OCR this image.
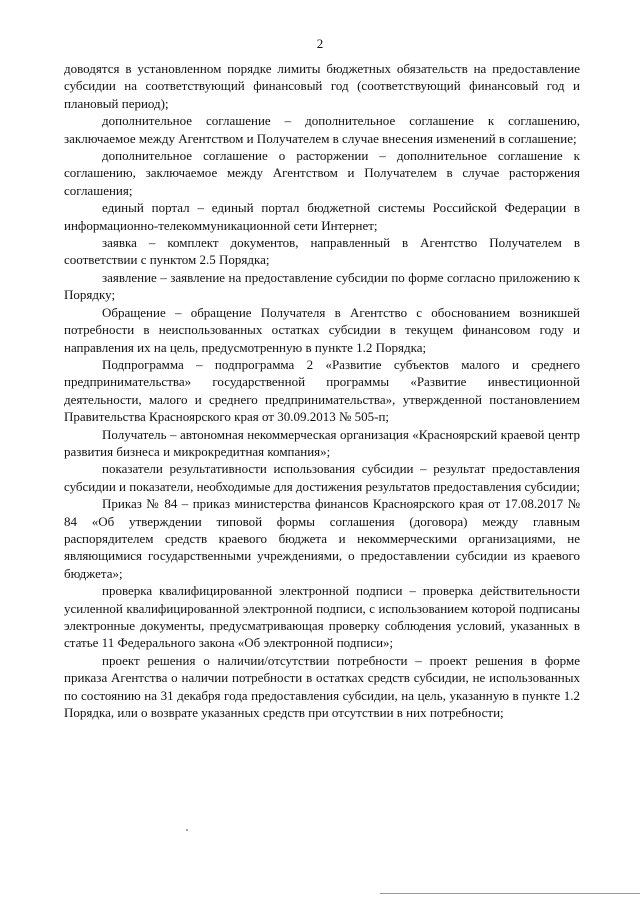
2

доводятся в установленном порядке лимиты бюджетных обязательств на предоставление субсидии на соответствующий финансовый год (соответствующий финансовый год и плановый период);

дополнительное соглашение – дополнительное соглашение к соглашению, заключаемое между Агентством и Получателем в случае внесения изменений в соглашение;

дополнительное соглашение о расторжении – дополнительное соглашение к соглашению, заключаемое между Агентством и Получателем в случае расторжения соглашения;

единый портал – единый портал бюджетной системы Российской Федерации в информационно-телекоммуникационной сети Интернет;

заявка – комплект документов, направленный в Агентство Получателем в соответствии с пунктом 2.5 Порядка;

заявление – заявление на предоставление субсидии по форме согласно приложению к Порядку;

Обращение – обращение Получателя в Агентство с обоснованием возникшей потребности в неиспользованных остатках субсидии в текущем финансовом году и направления их на цель, предусмотренную в пункте 1.2 Порядка;

Подпрограмма – подпрограмма 2 «Развитие субъектов малого и среднего предпринимательства» государственной программы «Развитие инвестиционной деятельности, малого и среднего предпринимательства», утвержденной постановлением Правительства Красноярского края от 30.09.2013 № 505-п;

Получатель – автономная некоммерческая организация «Красноярский краевой центр развития бизнеса и микрокредитная компания»;

показатели результативности использования субсидии – результат предоставления субсидии и показатели, необходимые для достижения результатов предоставления субсидии;

Приказ № 84 – приказ министерства финансов Красноярского края от 17.08.2017 № 84 «Об утверждении типовой формы соглашения (договора) между главным распорядителем средств краевого бюджета и некоммерческими организациями, не являющимися государственными учреждениями, о предоставлении субсидии из краевого бюджета»;

проверка квалифицированной электронной подписи – проверка действительности усиленной квалифицированной электронной подписи, с использованием которой подписаны электронные документы, предусматривающая проверку соблюдения условий, указанных в статье 11 Федерального закона «Об электронной подписи»;

проект решения о наличии/отсутствии потребности – проект решения в форме приказа Агентства о наличии потребности в остатках средств субсидии, не использованных по состоянию на 31 декабря года предоставления субсидии, на цель, указанную в пункте 1.2 Порядка, или о возврате указанных средств при отсутствии в них потребности;
